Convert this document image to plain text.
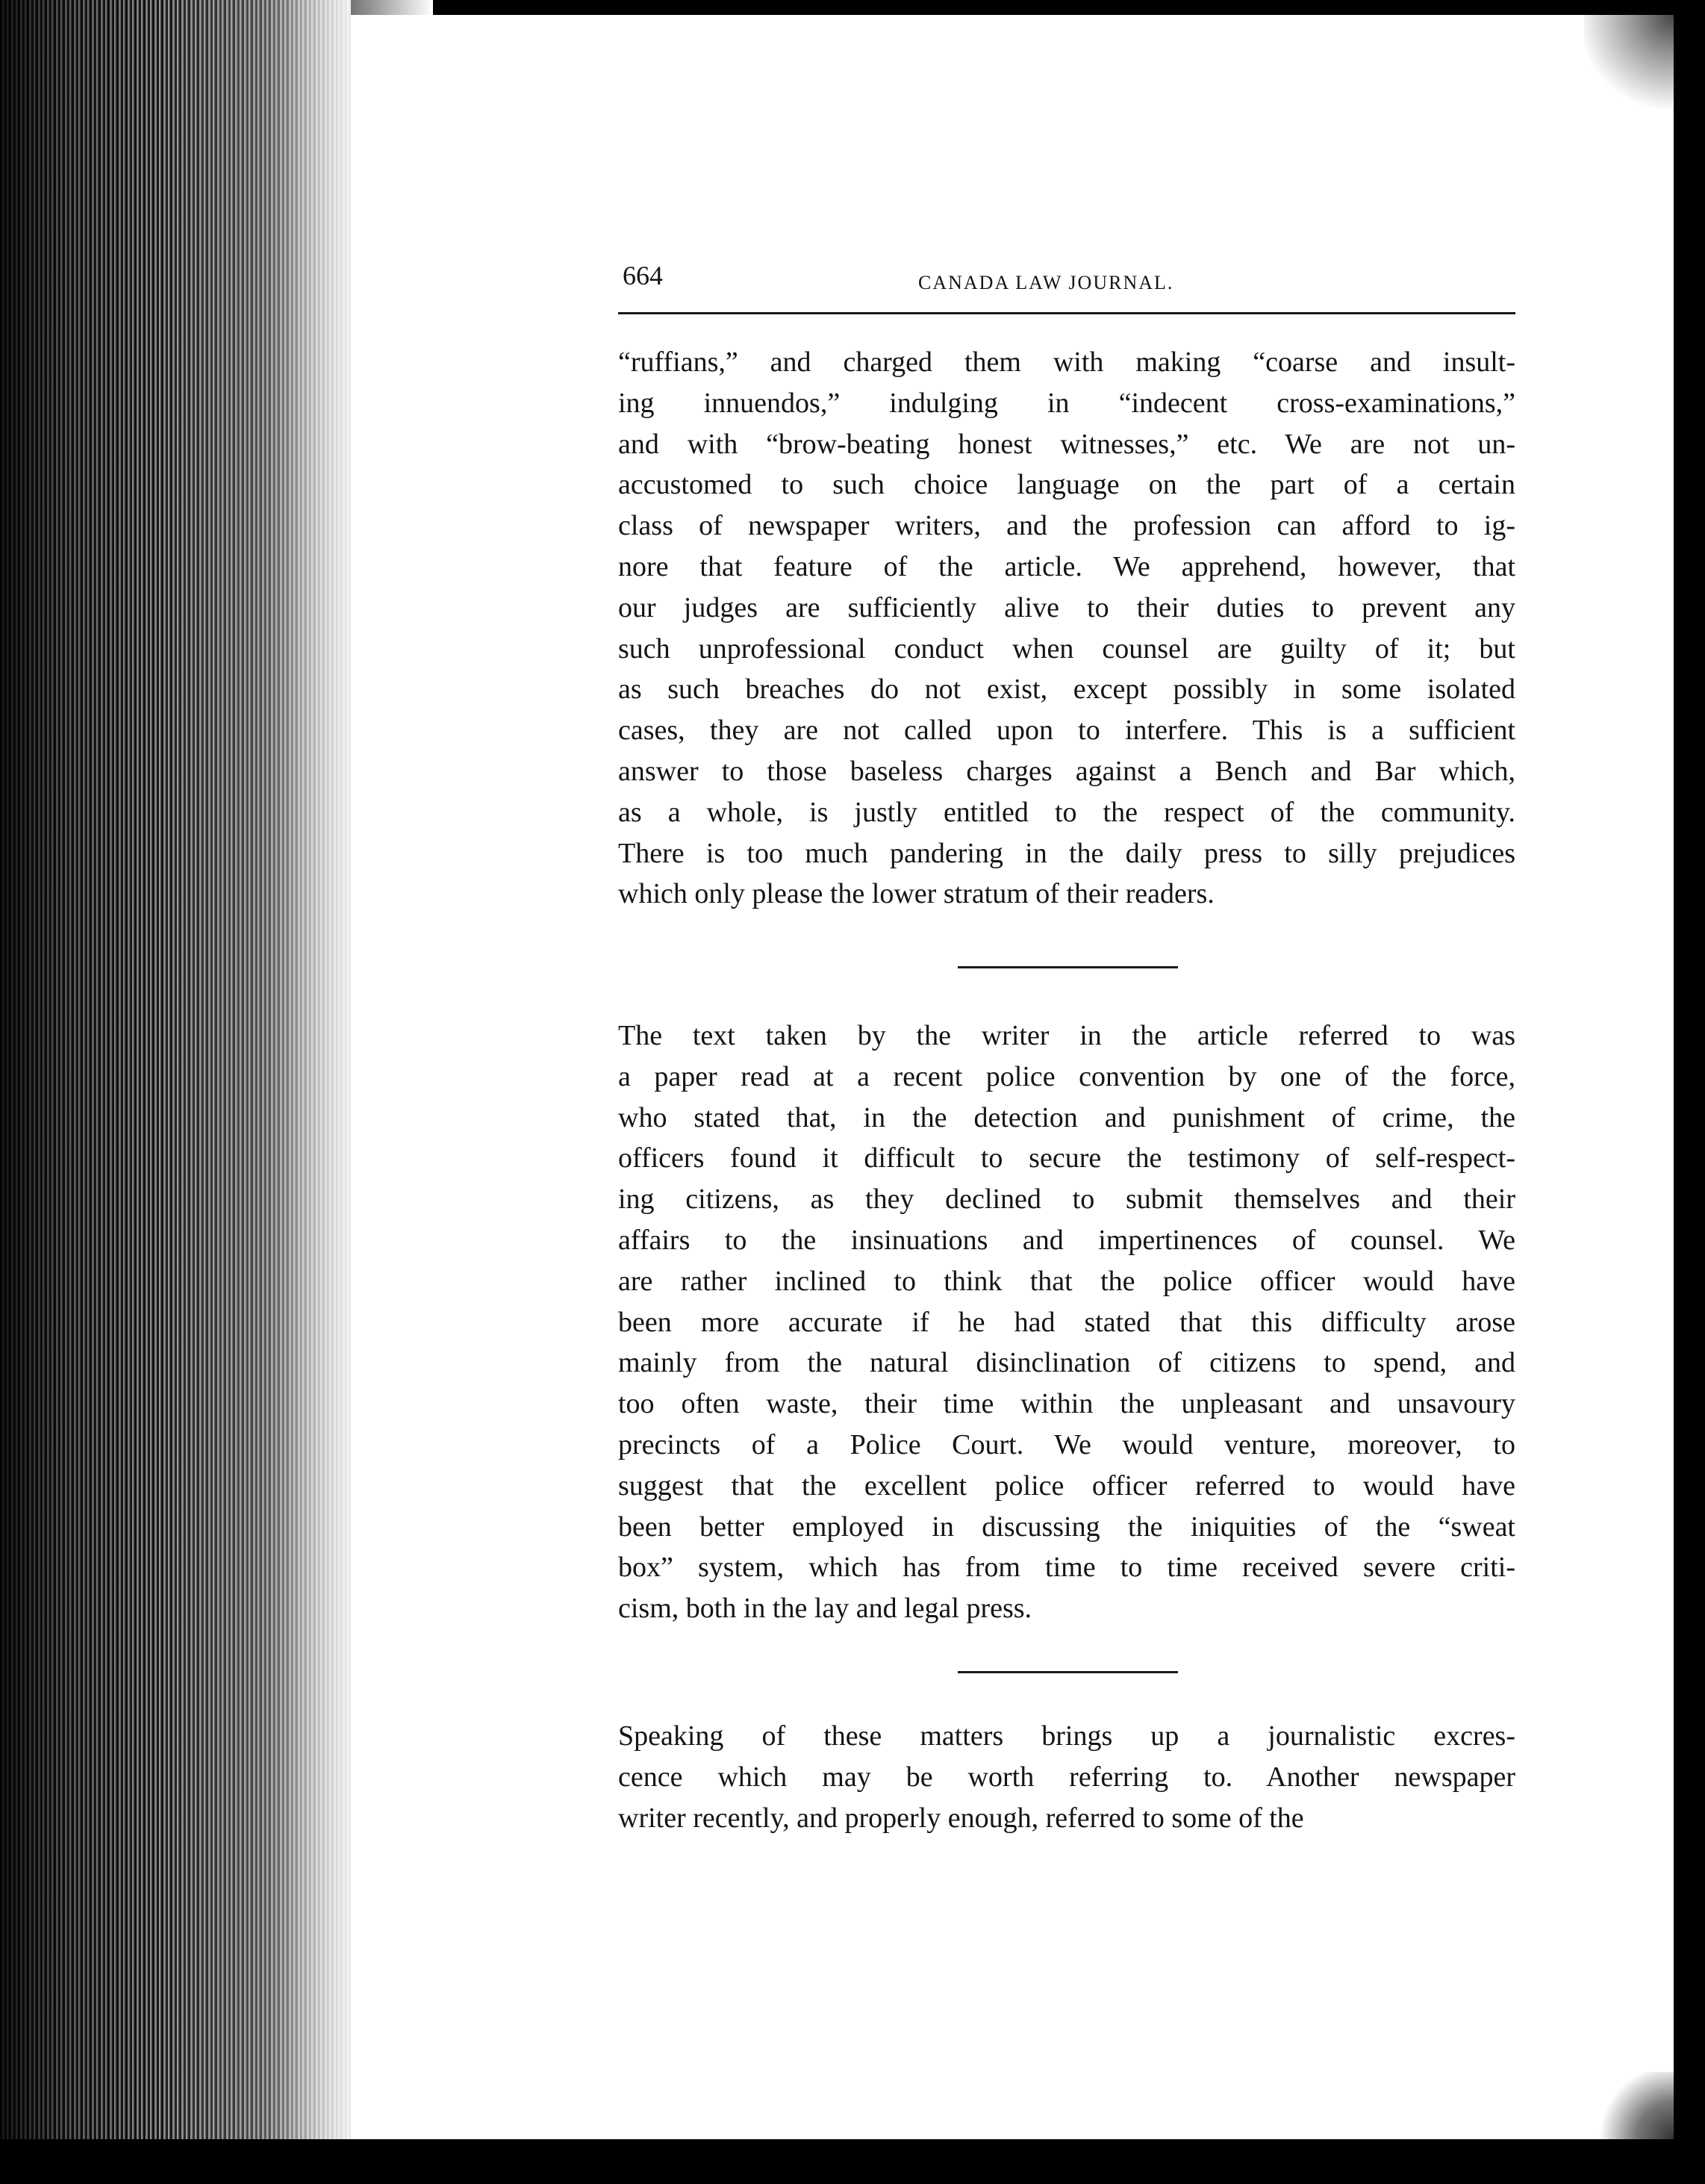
664	CANADA LAW JOURNAL.

“ruffians,” and charged them with making “coarse and insult-
ing innuendos,” indulging in “indecent cross-examinations,”
and with “brow-beating honest witnesses,” etc. We are not un-
accustomed to such choice language on the part of a certain
class of newspaper writers, and the profession can afford to ig-
nore that feature of the article. We apprehend, however, that
our judges are sufficiently alive to their duties to prevent any
such unprofessional conduct when counsel are guilty of it; but
as such breaches do not exist, except possibly in some isolated
cases, they are not called upon to interfere. This is a sufficient
answer to those baseless charges against a Bench and Bar which,
as a whole, is justly entitled to the respect of the community.
There is too much pandering in the daily press to silly prejudices
which only please the lower stratum of their readers.

The text taken by the writer in the article referred to was
a paper read at a recent police convention by one of the force,
who stated that, in the detection and punishment of crime, the
officers found it difficult to secure the testimony of self-respect-
ing citizens, as they declined to submit themselves and their
affairs to the insinuations and impertinences of counsel. We
are rather inclined to think that the police officer would have
been more accurate if he had stated that this difficulty arose
mainly from the natural disinclination of citizens to spend, and
too often waste, their time within the unpleasant and unsavoury
precincts of a Police Court. We would venture, moreover, to
suggest that the excellent police officer referred to would have
been better employed in discussing the iniquities of the “sweat
box” system, which has from time to time received severe criti-
cism, both in the lay and legal press.

Speaking of these matters brings up a journalistic excres-
cence which may be worth referring to. Another newspaper
writer recently, and properly enough, referred to some of the
